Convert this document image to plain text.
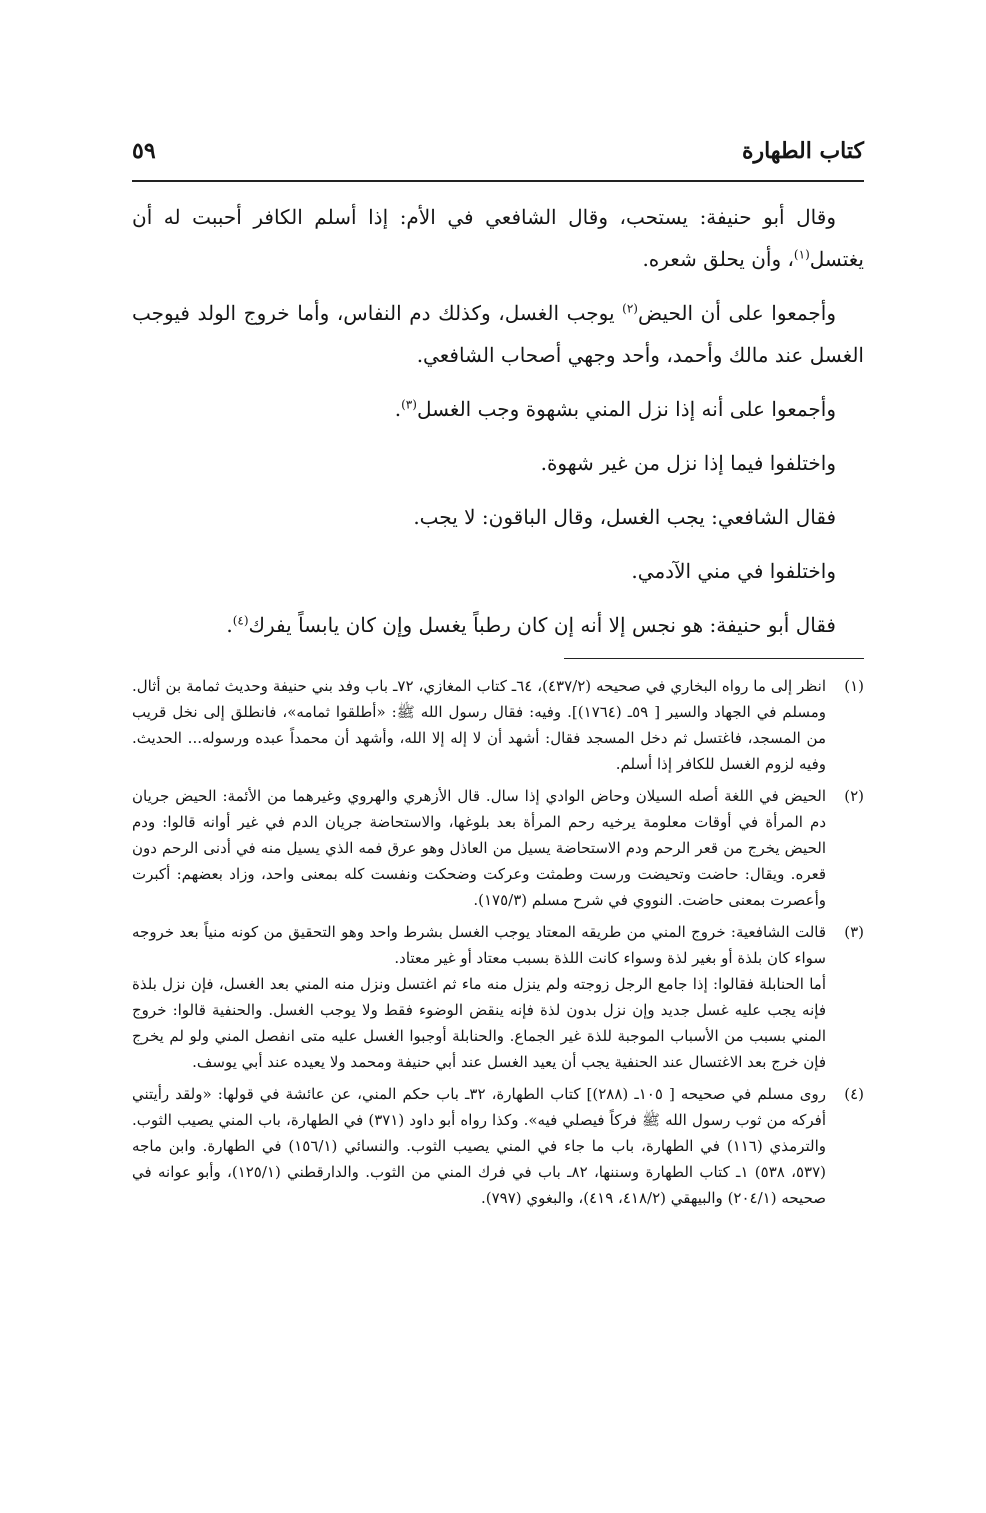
كتاب الطهارة
٥٩

وقال أبو حنيفة: يستحب، وقال الشافعي في الأم: إذا أسلم الكافر أحببت له أن يغتسل$^{(١)}$، وأن يحلق شعره.

وأجمعوا على أن الحيض$^{(٢)}$ يوجب الغسل، وكذلك دم النفاس، وأما خروج الولد فيوجب الغسل عند مالك وأحمد، وأحد وجهي أصحاب الشافعي.

وأجمعوا على أنه إذا نزل المني بشهوة وجب الغسل$^{(٣)}$.

واختلفوا فيما إذا نزل من غير شهوة.

فقال الشافعي: يجب الغسل، وقال الباقون: لا يجب.

واختلفوا في مني الآدمي.

فقال أبو حنيفة: هو نجس إلا أنه إن كان رطباً يغسل وإن كان يابساً يفرك$^{(٤)}$.

(١)

انظر إلى ما رواه البخاري في صحيحه (٤٣٧/٢)، ٦٤ـ كتاب المغازي، ٧٢ـ باب وفد بني حنيفة وحديث ثمامة بن أثال. ومسلم في الجهاد والسير [ ٥٩ـ (١٧٦٤)]. وفيه: فقال رسول الله ﷺ: «أطلقوا ثمامه»، فانطلق إلى نخل قريب من المسجد، فاغتسل ثم دخل المسجد فقال: أشهد أن لا إله إلا الله، وأشهد أن محمداً عبده ورسوله... الحديث. وفيه لزوم الغسل للكافر إذا أسلم.

(٢)

الحيض في اللغة أصله السيلان وحاض الوادي إذا سال. قال الأزهري والهروي وغيرهما من الأئمة: الحيض جريان دم المرأة في أوقات معلومة يرخيه رحم المرأة بعد بلوغها، والاستحاضة جريان الدم في غير أوانه قالوا: ودم الحيض يخرج من قعر الرحم ودم الاستحاضة يسيل من العاذل وهو عرق فمه الذي يسيل منه في أدنى الرحم دون قعره. ويقال: حاضت وتحيضت ورست وطمثت وعركت وضحكت ونفست كله بمعنى واحد، وزاد بعضهم: أكبرت وأعصرت بمعنى حاضت. النووي في شرح مسلم (١٧٥/٣).

(٣)

قالت الشافعية: خروج المني من طريقه المعتاد يوجب الغسل بشرط واحد وهو التحقيق من كونه منياً بعد خروجه سواء كان بلذة أو بغير لذة وسواء كانت اللذة بسبب معتاد أو غير معتاد.

أما الحنابلة فقالوا: إذا جامع الرجل زوجته ولم ينزل منه ماء ثم اغتسل ونزل منه المني بعد الغسل، فإن نزل بلذة فإنه يجب عليه غسل جديد وإن نزل بدون لذة فإنه ينقض الوضوء فقط ولا يوجب الغسل. والحنفية قالوا: خروج المني بسبب من الأسباب الموجبة للذة غير الجماع. والحنابلة أوجبوا الغسل عليه متى انفصل المني ولو لم يخرج فإن خرج بعد الاغتسال عند الحنفية يجب أن يعيد الغسل عند أبي حنيفة ومحمد ولا يعيده عند أبي يوسف.

(٤)

روى مسلم في صحيحه [ ١٠٥ـ (٢٨٨)] كتاب الطهارة، ٣٢ـ باب حكم المني، عن عائشة في قولها: «ولقد رأيتني أفركه من ثوب رسول الله ﷺ فركاً فيصلي فيه». وكذا رواه أبو داود (٣٧١) في الطهارة، باب المني يصيب الثوب. والترمذي (١١٦) في الطهارة، باب ما جاء في المني يصيب الثوب. والنسائي (١٥٦/١) في الطهارة. وابن ماجه (٥٣٧، ٥٣٨) ١ـ كتاب الطهارة وسننها، ٨٢ـ باب في فرك المني من الثوب. والدارقطني (١٢٥/١)، وأبو عوانه في صحيحه (٢٠٤/١) والبيهقي (٤١٨/٢، ٤١٩)، والبغوي (٧٩٧).
